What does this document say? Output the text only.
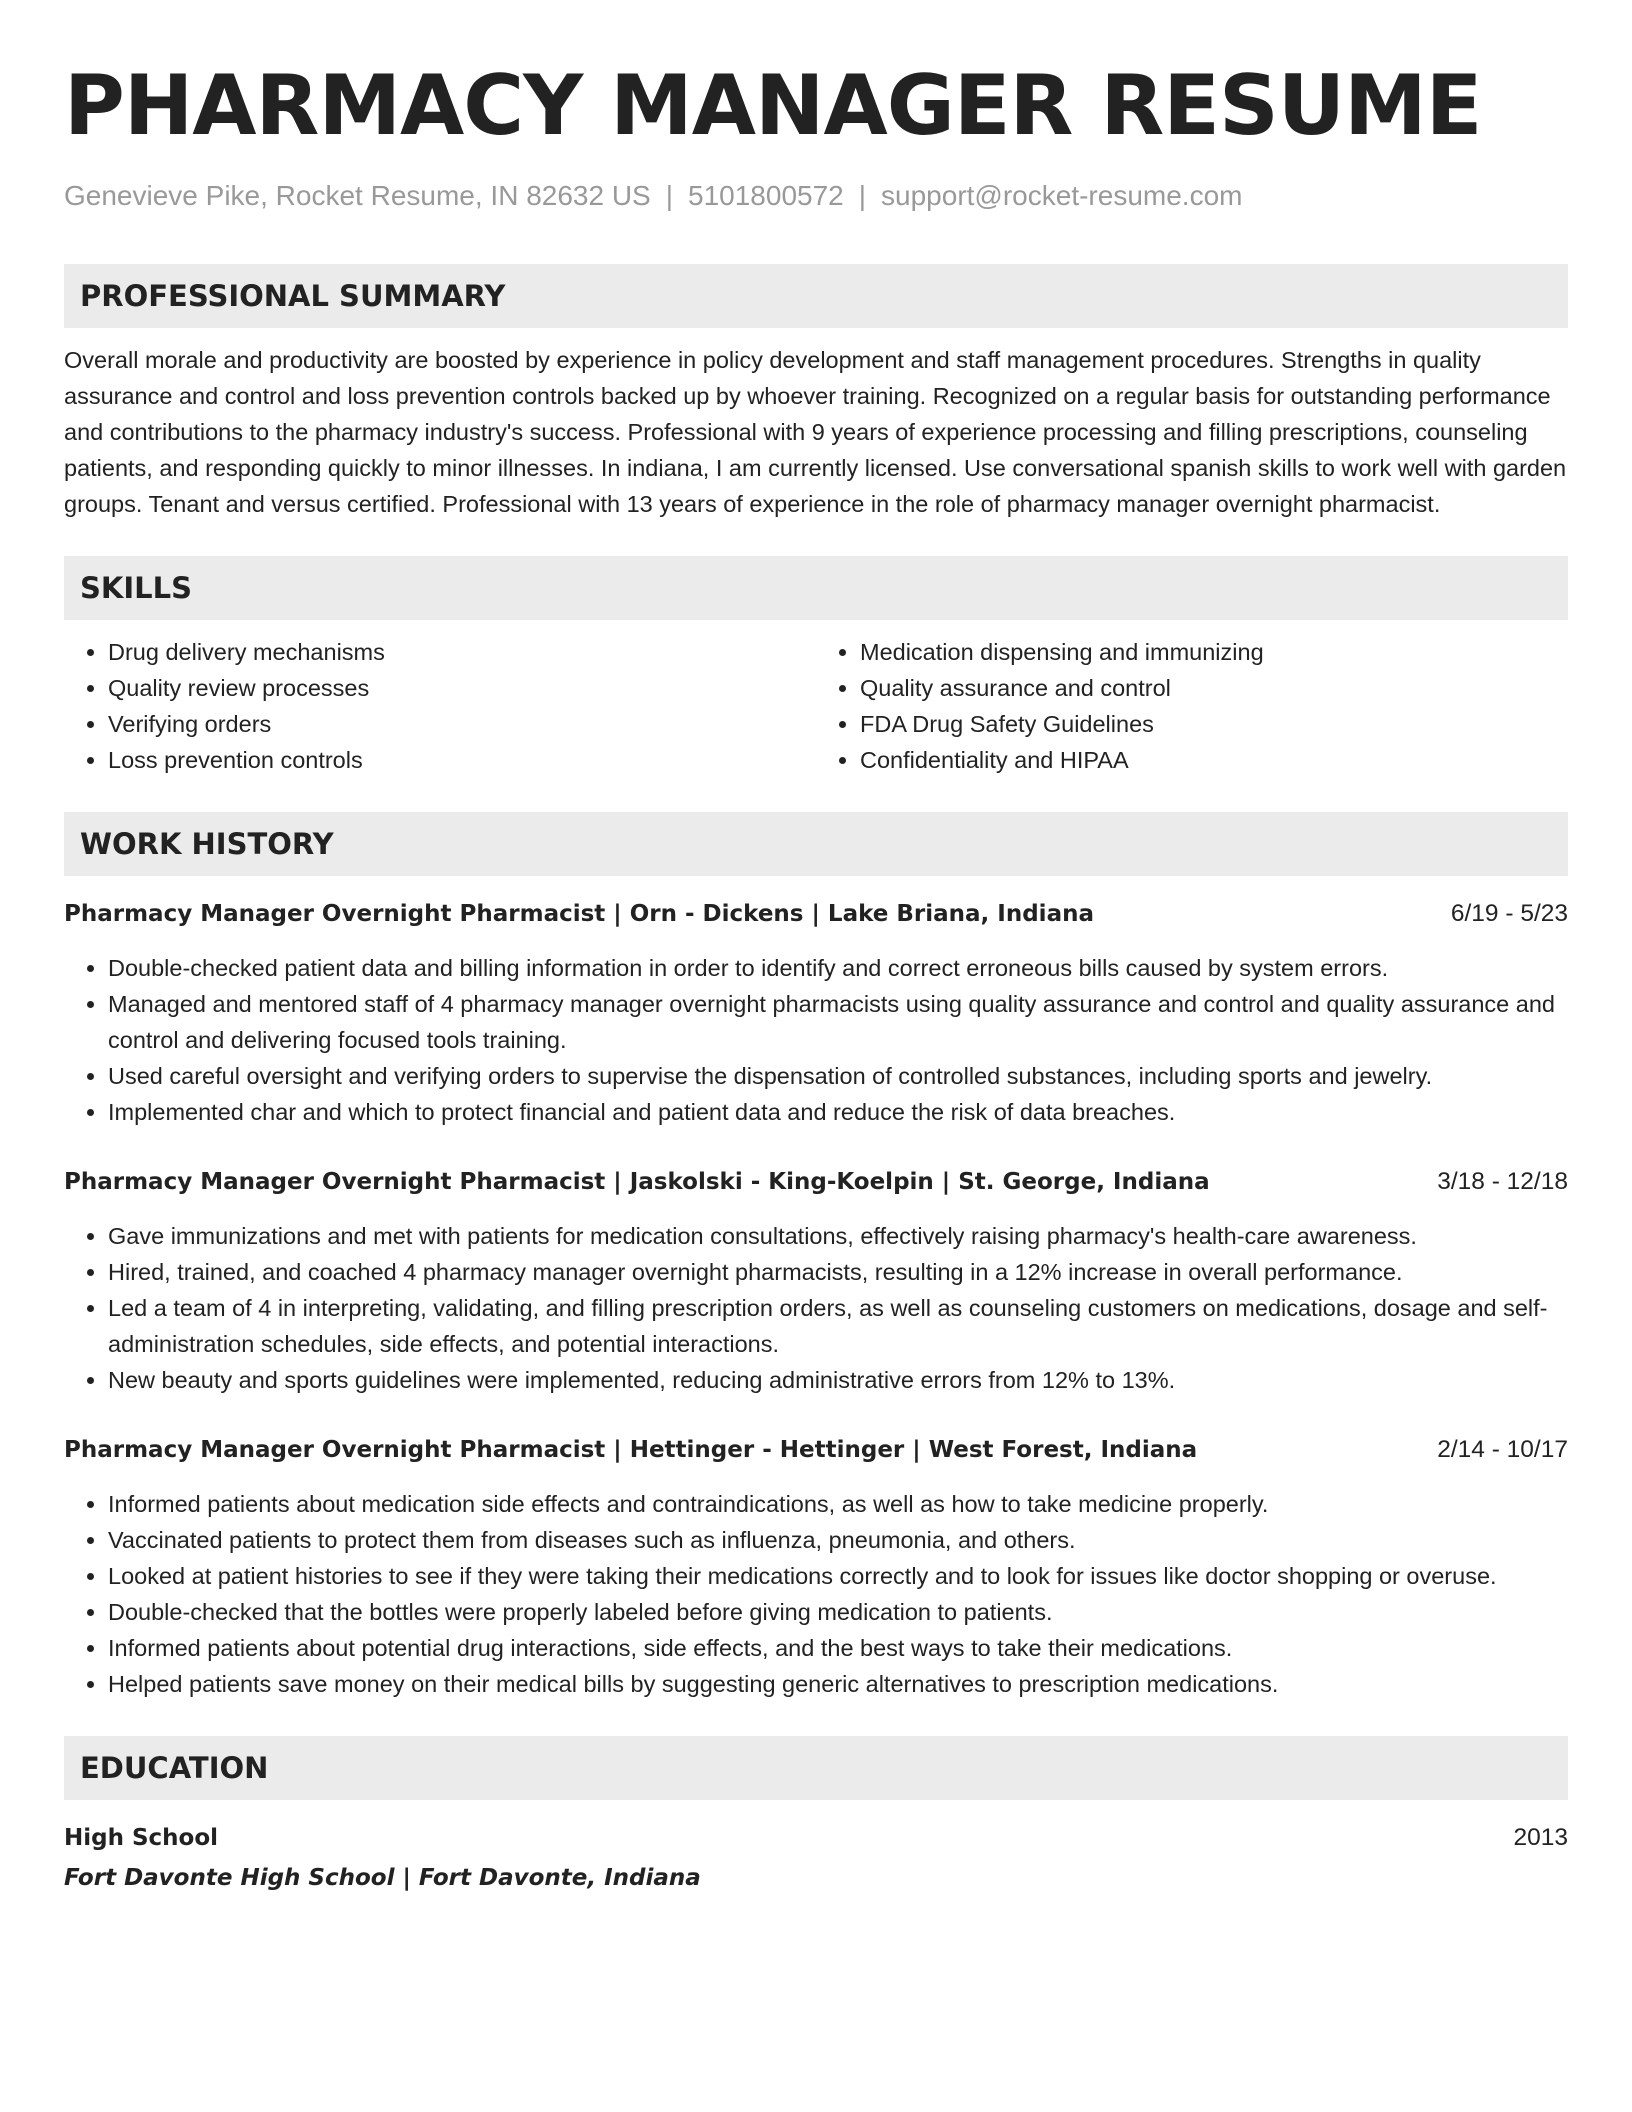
PHARMACY MANAGER RESUME
Genevieve Pike, Rocket Resume, IN 82632 US | 5101800572 | support@rocket-resume.com
PROFESSIONAL SUMMARY
Overall morale and productivity are boosted by experience in policy development and staff management procedures. Strengths in quality assurance and control and loss prevention controls backed up by whoever training. Recognized on a regular basis for outstanding performance and contributions to the pharmacy industry's success. Professional with 9 years of experience processing and filling prescriptions, counseling patients, and responding quickly to minor illnesses. In indiana, I am currently licensed. Use conversational spanish skills to work well with garden groups. Tenant and versus certified. Professional with 13 years of experience in the role of pharmacy manager overnight pharmacist.
SKILLS
• Drug delivery mechanisms
• Quality review processes
• Verifying orders
• Loss prevention controls
• Medication dispensing and immunizing
• Quality assurance and control
• FDA Drug Safety Guidelines
• Confidentiality and HIPAA
WORK HISTORY
Pharmacy Manager Overnight Pharmacist | Orn - Dickens | Lake Briana, Indiana	6/19 - 5/23
• Double-checked patient data and billing information in order to identify and correct erroneous bills caused by system errors.
• Managed and mentored staff of 4 pharmacy manager overnight pharmacists using quality assurance and control and quality assurance and control and delivering focused tools training.
• Used careful oversight and verifying orders to supervise the dispensation of controlled substances, including sports and jewelry.
• Implemented char and which to protect financial and patient data and reduce the risk of data breaches.
Pharmacy Manager Overnight Pharmacist | Jaskolski - King-Koelpin | St. George, Indiana	3/18 - 12/18
• Gave immunizations and met with patients for medication consultations, effectively raising pharmacy's health-care awareness.
• Hired, trained, and coached 4 pharmacy manager overnight pharmacists, resulting in a 12% increase in overall performance.
• Led a team of 4 in interpreting, validating, and filling prescription orders, as well as counseling customers on medications, dosage and self-administration schedules, side effects, and potential interactions.
• New beauty and sports guidelines were implemented, reducing administrative errors from 12% to 13%.
Pharmacy Manager Overnight Pharmacist | Hettinger - Hettinger | West Forest, Indiana	2/14 - 10/17
• Informed patients about medication side effects and contraindications, as well as how to take medicine properly.
• Vaccinated patients to protect them from diseases such as influenza, pneumonia, and others.
• Looked at patient histories to see if they were taking their medications correctly and to look for issues like doctor shopping or overuse.
• Double-checked that the bottles were properly labeled before giving medication to patients.
• Informed patients about potential drug interactions, side effects, and the best ways to take their medications.
• Helped patients save money on their medical bills by suggesting generic alternatives to prescription medications.
EDUCATION
High School	2013
Fort Davonte High School | Fort Davonte, Indiana
